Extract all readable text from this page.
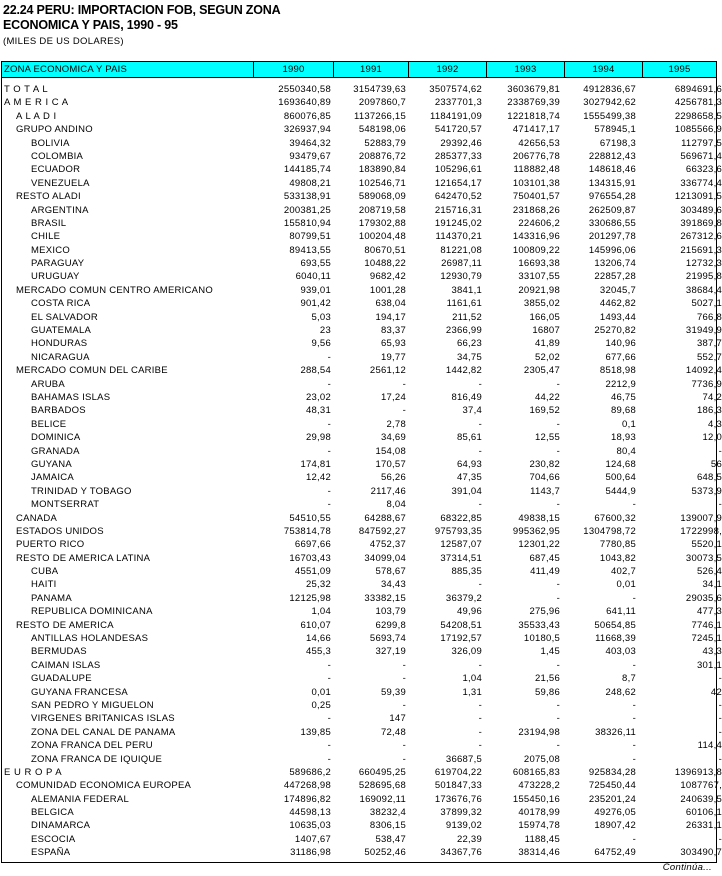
22.24 PERU: IMPORTACION FOB, SEGUN ZONA
ECONOMICA Y PAIS, 1990 - 95
(MILES DE US DOLARES)
ZONA ECONOMICA Y PAIS	1990	1991	1992	1993	1994	1995
T O T A L	2550340,58	3154739,63	3507574,62	3603679,81	4912836,67	6894691,6
A M E R I C A	1693640,89	2097860,7	2337701,3	2338769,39	3027942,62	4256781,3
A L A D I	860076,85	1137266,15	1184191,09	1221818,74	1555499,38	2298658,5
GRUPO ANDINO	326937,94	548198,06	541720,57	471417,17	578945,1	1085566,9
BOLIVIA	39464,32	52883,79	29392,46	42656,53	67198,3	112797,5
COLOMBIA	93479,67	208876,72	285377,33	206776,78	228812,43	569671,4
ECUADOR	144185,74	183890,84	105296,61	118882,48	148618,46	66323,6
VENEZUELA	49808,21	102546,71	121654,17	103101,38	134315,91	336774,4
RESTO ALADI	533138,91	589068,09	642470,52	750401,57	976554,28	1213091,5
ARGENTINA	200381,25	208719,58	215716,31	231868,26	262509,87	303489,6
BRASIL	155810,94	179302,88	191245,02	224606,2	330686,55	391869,8
CHILE	80799,51	100204,48	114370,21	143316,96	201297,78	267312,6
MEXICO	89413,55	80670,51	81221,08	100809,22	145996,06	215691,3
PARAGUAY	693,55	10488,22	26987,11	16693,38	13206,74	12732,3
URUGUAY	6040,11	9682,42	12930,79	33107,55	22857,28	21995,8
MERCADO COMUN CENTRO AMERICANO	939,01	1001,28	3841,1	20921,98	32045,7	38684,4
COSTA RICA	901,42	638,04	1161,61	3855,02	4462,82	5027,1
EL SALVADOR	5,03	194,17	211,52	166,05	1493,44	766,8
GUATEMALA	23	83,37	2366,99	16807	25270,82	31949,9
HONDURAS	9,56	65,93	66,23	41,89	140,96	387,7
NICARAGUA	-	19,77	34,75	52,02	677,66	552,7
MERCADO COMUN DEL CARIBE	288,54	2561,12	1442,82	2305,47	8518,98	14092,4
ARUBA	-	-	-	-	2212,9	7736,9
BAHAMAS ISLAS	23,02	17,24	816,49	44,22	46,75	74,2
BARBADOS	48,31	-	37,4	169,52	89,68	186,3
BELICE	-	2,78	-	-	0,1	4,3
DOMINICA	29,98	34,69	85,61	12,55	18,93	12,0
GRANADA	-	154,08	-	-	80,4	-
GUYANA	174,81	170,57	64,93	230,82	124,68	56
JAMAICA	12,42	56,26	47,35	704,66	500,64	648,5
TRINIDAD Y TOBAGO	-	2117,46	391,04	1143,7	5444,9	5373,9
MONTSERRAT	-	8,04	-	-	-	-
CANADA	54510,55	64288,67	68322,85	49838,15	67600,32	139007,9
ESTADOS UNIDOS	753814,78	847592,27	975793,35	995362,95	1304798,72	1722998,
PUERTO RICO	6697,66	4752,37	12587,07	12301,22	7780,85	5520,1
RESTO DE AMERICA LATINA	16703,43	34099,04	37314,51	687,45	1043,82	30073,5
CUBA	4551,09	578,67	885,35	411,49	402,7	526,4
HAITI	25,32	34,43	-	-	0,01	34,1
PANAMA	12125,98	33382,15	36379,2	-	-	29035,6
REPUBLICA DOMINICANA	1,04	103,79	49,96	275,96	641,11	477,3
RESTO DE AMERICA	610,07	6299,8	54208,51	35533,43	50654,85	7746,1
ANTILLAS HOLANDESAS	14,66	5693,74	17192,57	10180,5	11668,39	7245,1
BERMUDAS	455,3	327,19	326,09	1,45	403,03	43,3
CAIMAN ISLAS	-	-	-	-	-	301,1
GUADALUPE	-	-	1,04	21,56	8,7	-
GUYANA FRANCESA	0,01	59,39	1,31	59,86	248,62	42
SAN PEDRO Y MIGUELON	0,25	-	-	-	-	-
VIRGENES BRITANICAS ISLAS	-	147	-	-	-	-
ZONA DEL CANAL DE PANAMA	139,85	72,48	-	23194,98	38326,11	-
ZONA FRANCA DEL PERU	-	-	-	-	-	114,4
ZONA FRANCA DE IQUIQUE	-	-	36687,5	2075,08	-	-
E U R O P A	589686,2	660495,25	619704,22	608165,83	925834,28	1396913,8
COMUNIDAD ECONOMICA EUROPEA	447268,98	528695,68	501847,33	473228,2	725450,44	1087767,
ALEMANIA FEDERAL	174896,82	169092,11	173676,76	155450,16	235201,24	240639,5
BELGICA	44598,13	38232,4	37899,32	40178,99	49276,05	60106,1
DINAMARCA	10635,03	8306,15	9139,02	15974,78	18907,42	26331,1
ESCOCIA	1407,67	538,47	22,39	1188,45	-	-
ESPAÑA	31186,98	50252,46	34367,76	38314,46	64752,49	303490,7
Continúa...
